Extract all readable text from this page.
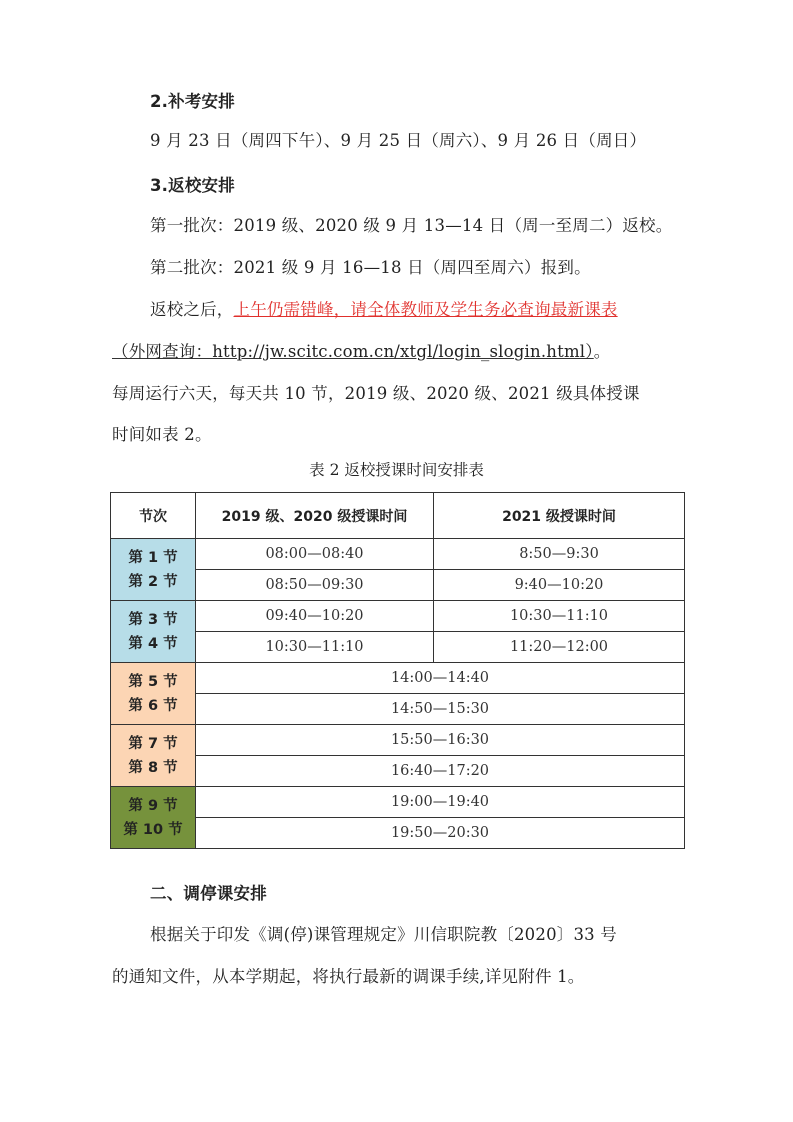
2.补考安排
9 月 23 日（周四下午）、9 月 25 日（周六）、9 月 26 日（周日）
3.返校安排
第一批次：2019 级、2020 级 9 月 13—14 日（周一至周二）返校。
第二批次：2021 级 9 月 16—18 日（周四至周六）报到。
返校之后，上午仍需错峰，请全体教师及学生务必查询最新课表
（外网查询：http://jw.scitc.com.cn/xtgl/login_slogin.html）。
每周运行六天，每天共 10 节，2019 级、2020 级、2021 级具体授课
时间如表 2。
表 2 返校授课时间安排表
节次	2019 级、2020 级授课时间	2021 级授课时间

第 1 节
第 2 节	08:00—08:40	8:50—9:30
	08:50—09:30	9:40—10:20

第 3 节
第 4 节	09:40—10:20	10:30—11:10
	10:30—11:10	11:20—12:00

第 5 节
第 6 节	14:00—14:40	
	14:50—15:30	

第 7 节
第 8 节	15:50—16:30	
	16:40—17:20	

第 9 节
第 10 节	19:00—19:40	
	19:50—20:30	
二、调停课安排
根据关于印发《调(停)课管理规定》川信职院教〔2020〕33 号
的通知文件，从本学期起，将执行最新的调课手续,详见附件 1。
